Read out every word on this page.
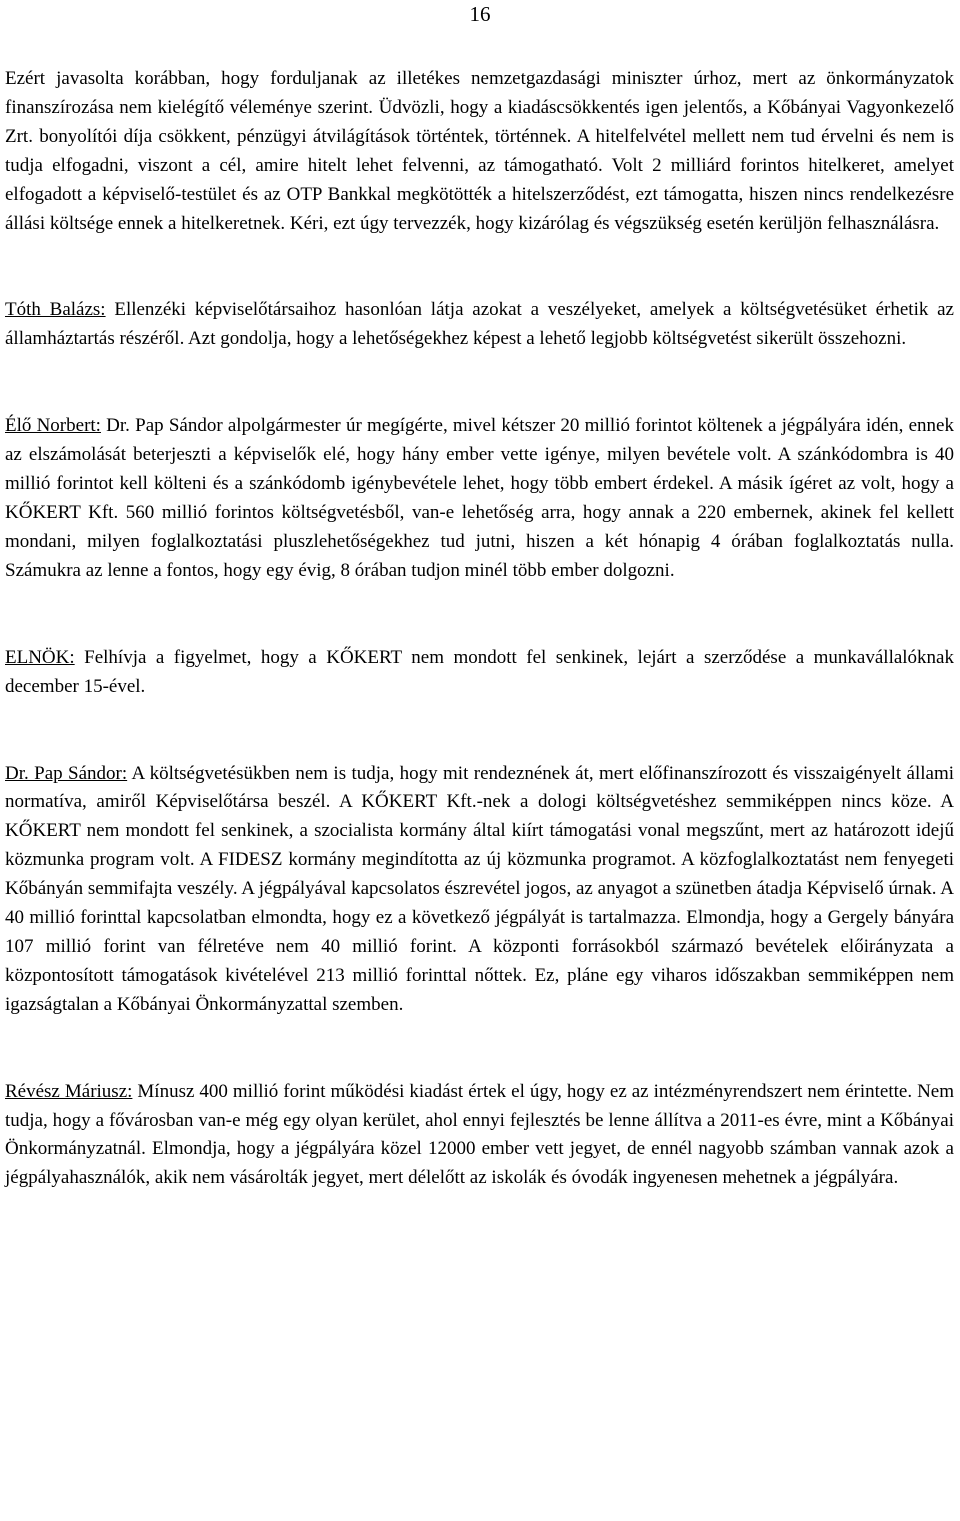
16

Ezért javasolta korábban, hogy forduljanak az illetékes nemzetgazdasági miniszter úrhoz, mert az önkormányzatok finanszírozása nem kielégítő véleménye szerint. Üdvözli, hogy a kiadáscsökkentés igen jelentős, a Kőbányai Vagyonkezelő Zrt. bonyolítói díja csökkent, pénzügyi átvilágítások történtek, történnek. A hitelfelvétel mellett nem tud érvelni és nem is tudja elfogadni, viszont a cél, amire hitelt lehet felvenni, az támogatható. Volt 2 milliárd forintos hitelkeret, amelyet elfogadott a képviselő-testület és az OTP Bankkal megkötötték a hitelszerződést, ezt támogatta, hiszen nincs rendelkezésre állási költsége ennek a hitelkeretnek. Kéri, ezt úgy tervezzék, hogy kizárólag és végszükség esetén kerüljön felhasználásra.

Tóth Balázs: Ellenzéki képviselőtársaihoz hasonlóan látja azokat a veszélyeket, amelyek a költségvetésüket érhetik az államháztartás részéről. Azt gondolja, hogy a lehetőségekhez képest a lehető legjobb költségvetést sikerült összehozni.

Élő Norbert: Dr. Pap Sándor alpolgármester úr megígérte, mivel kétszer 20 millió forintot költenek a jégpályára idén, ennek az elszámolását beterjeszti a képviselők elé, hogy hány ember vette igénye, milyen bevétele volt. A szánkódombra is 40 millió forintot kell költeni és a szánkódomb igénybevétele lehet, hogy több embert érdekel. A másik ígéret az volt, hogy a KŐKERT Kft. 560 millió forintos költségvetésből, van-e lehetőség arra, hogy annak a 220 embernek, akinek fel kellett mondani, milyen foglalkoztatási pluszlehetőségekhez tud jutni, hiszen a két hónapig 4 órában foglalkoztatás nulla. Számukra az lenne a fontos, hogy egy évig, 8 órában tudjon minél több ember dolgozni.

ELNÖK: Felhívja a figyelmet, hogy a KŐKERT nem mondott fel senkinek, lejárt a szerződése a munkavállalóknak december 15-ével.

Dr. Pap Sándor: A költségvetésükben nem is tudja, hogy mit rendeznének át, mert előfinanszírozott és visszaigényelt állami normatíva, amiről Képviselőtársa beszél. A KŐKERT Kft.-nek a dologi költségvetéshez semmiképpen nincs köze. A KŐKERT nem mondott fel senkinek, a szocialista kormány által kiírt támogatási vonal megszűnt, mert az határozott idejű közmunka program volt. A FIDESZ kormány megindította az új közmunka programot. A közfoglalkoztatást nem fenyegeti Kőbányán semmifajta veszély. A jégpályával kapcsolatos észrevétel jogos, az anyagot a szünetben átadja Képviselő úrnak. A 40 millió forinttal kapcsolatban elmondta, hogy ez a következő jégpályát is tartalmazza. Elmondja, hogy a Gergely bányára 107 millió forint van félretéve nem 40 millió forint. A központi forrásokból származó bevételek előirányzata a központosított támogatások kivételével 213 millió forinttal nőttek. Ez, pláne egy viharos időszakban semmiképpen nem igazságtalan a Kőbányai Önkormányzattal szemben.

Révész Máriusz: Mínusz 400 millió forint működési kiadást értek el úgy, hogy ez az intézményrendszert nem érintette. Nem tudja, hogy a fővárosban van-e még egy olyan kerület, ahol ennyi fejlesztés be lenne állítva a 2011-es évre, mint a Kőbányai Önkormányzatnál. Elmondja, hogy a jégpályára közel 12000 ember vett jegyet, de ennél nagyobb számban vannak azok a jégpályahasználók, akik nem vásárolták jegyet, mert délelőtt az iskolák és óvodák ingyenesen mehetnek a jégpályára.
